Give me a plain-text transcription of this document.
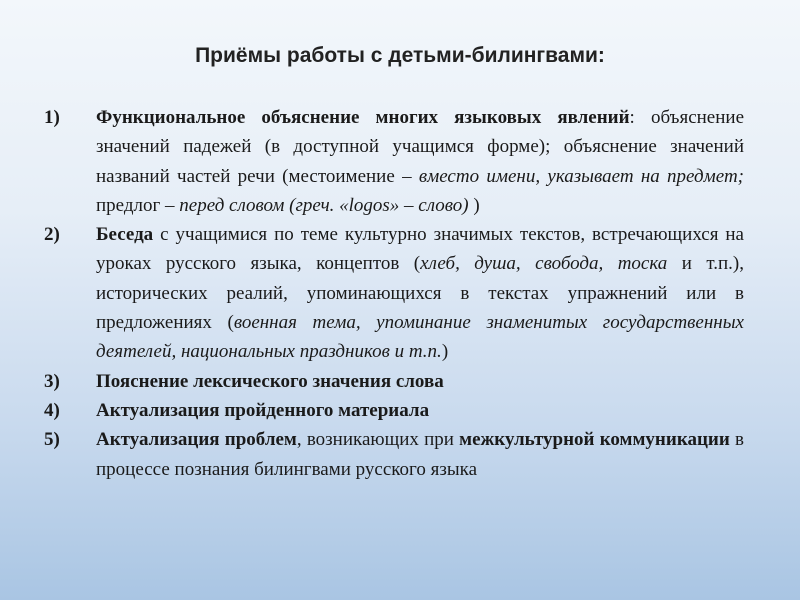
Приёмы работы с детьми-билингвами:
1)	Функциональное объяснение многих языковых явлений: объяснение значений падежей (в доступной учащимся форме); объяснение значений названий частей речи (местоимение – вместо имени, указывает на предмет; предлог – перед словом (греч. «logos» – слово) )
2)	Беседа с учащимися по теме культурно значимых текстов, встречающихся на уроках русского языка, концептов (хлеб, душа, свобода, тоска и т.п.), исторических реалий, упоминающихся в текстах упражнений или в предложениях (военная тема, упоминание знаменитых государственных деятелей, национальных праздников и т.п.)
3)	Пояснение лексического значения слова
4)	Актуализация пройденного материала
5)	Актуализация проблем, возникающих при межкультурной коммуникации в процессе познания билингвами русского языка
